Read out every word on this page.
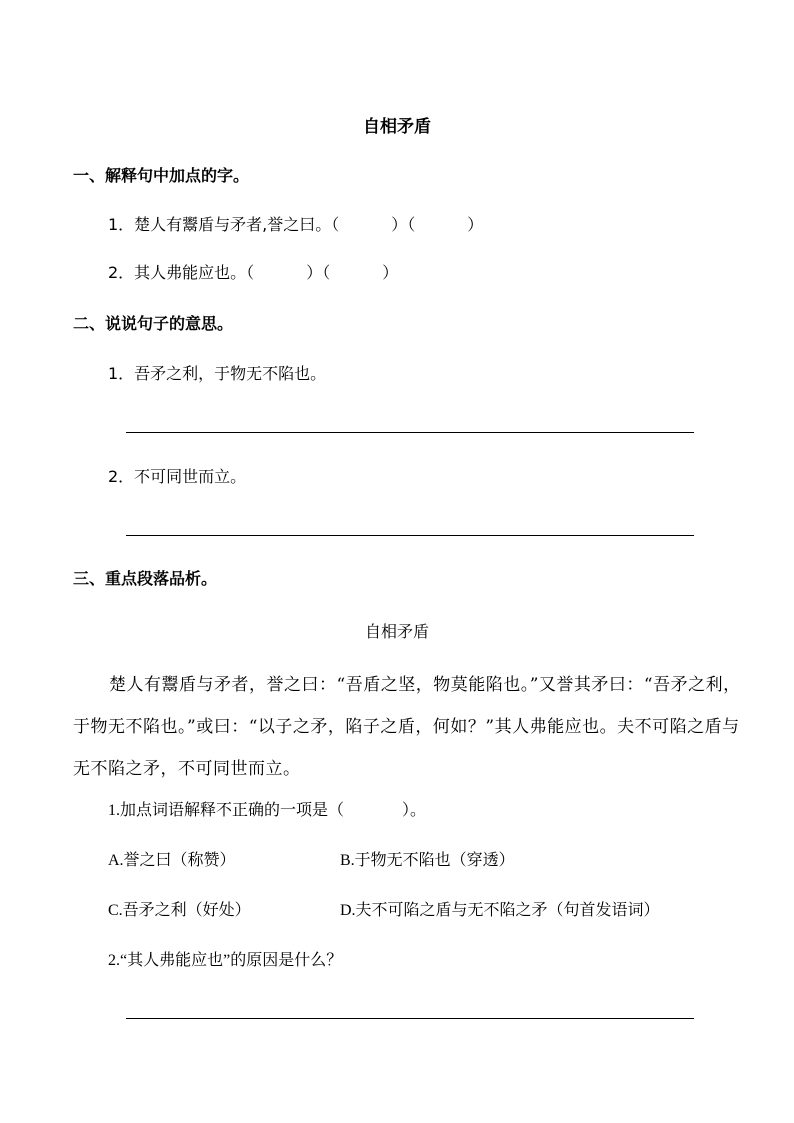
自相矛盾
一、解释句中加点的字。
1．楚人有鬻盾与矛者,誉之曰。（	）（	）
2．其人弗能应也。（	）（	）
二、说说句子的意思。
1．吾矛之利，于物无不陷也。
2．不可同世而立。
三、重点段落品析。
自相矛盾
楚人有鬻盾与矛者，誉之曰：“吾盾之坚，物莫能陷也。”又誉其矛曰：“吾矛之利，于物无不陷也。”或曰：“以子之矛，陷子之盾，何如？”其人弗能应也。夫不可陷之盾与无不陷之矛，不可同世而立。
1.加点词语解释不正确的一项是（	）。
A.誉之曰（称赞）	B.于物无不陷也（穿透）
C.吾矛之利（好处）	D.夫不可陷之盾与无不陷之矛（句首发语词）
2.“其人弗能应也”的原因是什么？
